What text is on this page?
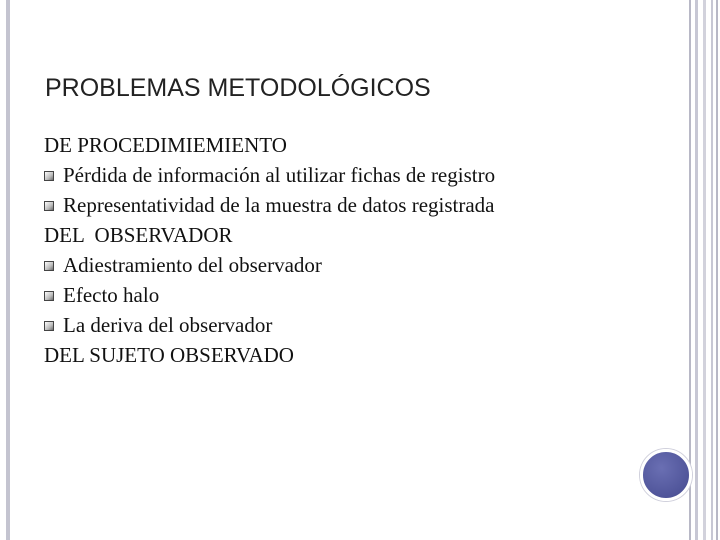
PROBLEMAS METODOLÓGICOS
DE PROCEDIMIEMIENTO
Pérdida de información al utilizar fichas de registro
Representatividad de la muestra de datos registrada
DEL  OBSERVADOR
Adiestramiento del observador
Efecto halo
La deriva del observador
DEL SUJETO OBSERVADO
